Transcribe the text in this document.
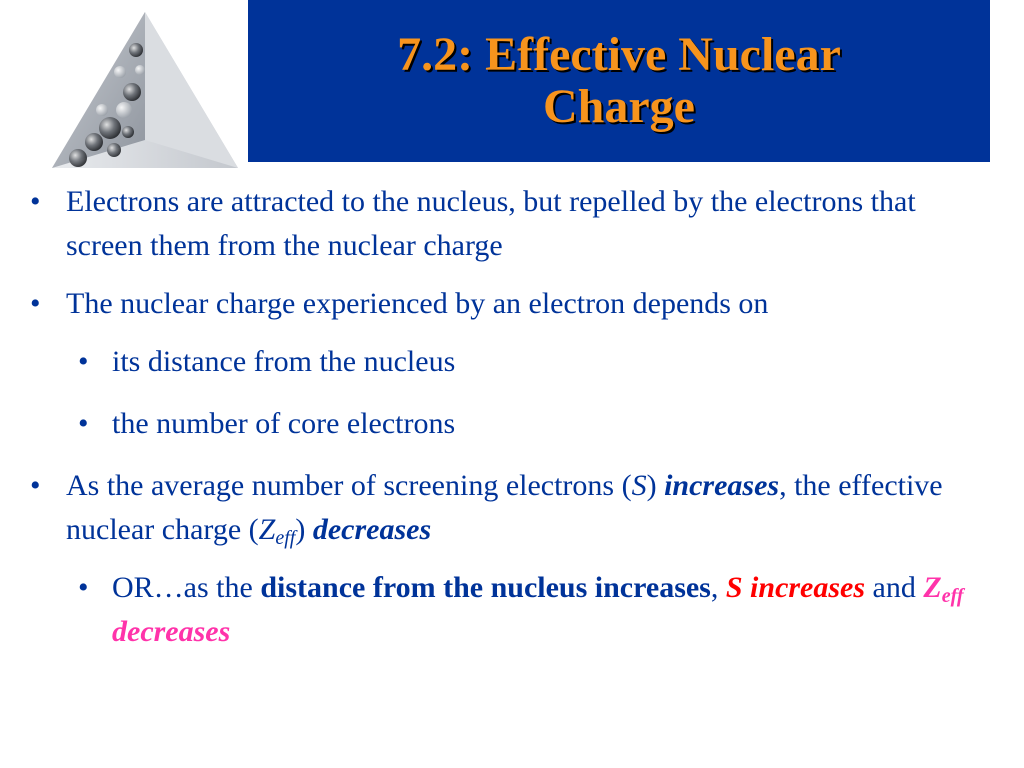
7.2: Effective Nuclear
Charge
• Electrons are attracted to the nucleus, but repelled by the electrons that screen them from the nuclear charge
• The nuclear charge experienced by an electron depends on
• its distance from the nucleus
• the number of core electrons
• As the average number of screening electrons (S) increases, the effective nuclear charge $(Z_{eff})$ decreases
• OR…as the distance from the nucleus increases, S increases and $Z_{eff}$ decreases
